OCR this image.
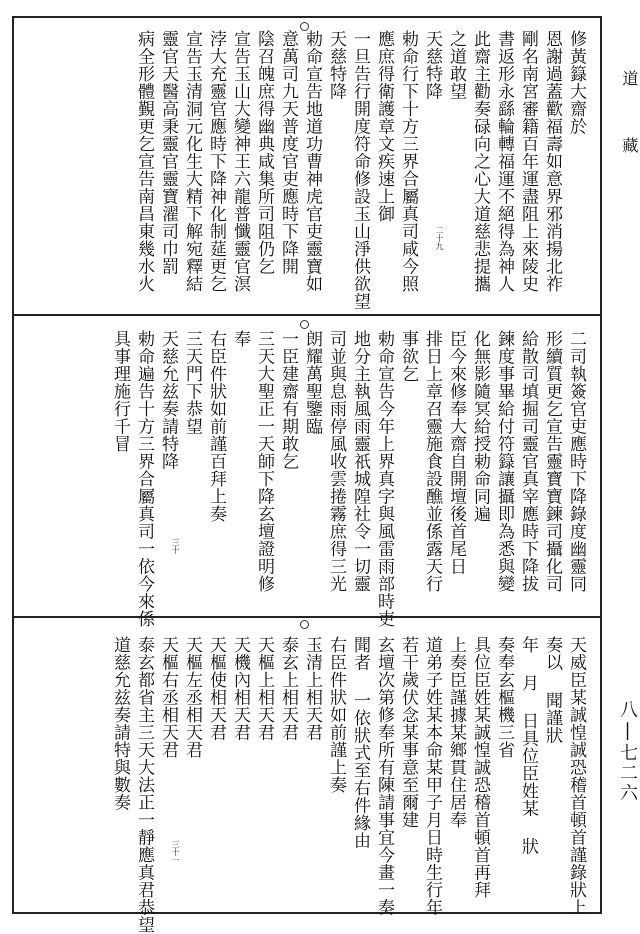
修黃籙大齋於
恩謝過蓋歡福壽如意界邪消揚北祚
剛名南宮審籍百年運盡阻上來陵史
書返形永繇輪轉福運不絕得為神人
此齋主勸奏碌向之心大道慈悲提攜
之道敢望
天慈特降
勅命行下十方三界合屬真司咸今照
應庶得衛護章文疾速上御
一旦告行開度符命修設玉山淨供欲望
天慈特降
勅命宣告地道功曹神虎官吏靈寶如
意萬司九天普度官吏應時下降開
陰召魄庶得幽典咸集所司阻仍乞
宣告玉山大變神王六龍普懺靈官溟
浡大充靈官應時下降神化制莚更乞
宣告玉清洞元化生大精下解宛釋結
靈官天醫高秉靈官靈寶濯司巾罰
病全形體覲更乞宣告南昌東幾水火	二十九
二司執簽官吏應時下降錄度幽靈同
形續質更乞宣告靈寶寶鍊司攝化司
給散司填掘司靈官真宰應時下降拔
鍊度事畢給付符籙讓攝即為悉與變
化無影隨冥給授勅命同遍
臣今來修奉大齋自開壇後首尾日
排日上章召靈施食設醮並係露天行
事欲乞
勅命宣告今年上界真字與風雷雨部時吏
地分主執風雨靈祇城隍社令一切靈
司並與息雨停風收雲捲霧庶得三光
朗耀萬聖鑒臨
一臣建齋有期敢乞
三天大聖正一天師下降玄壇證明修
奉
右臣件狀如前謹百拜上奏
三天門下恭望
天慈允兹奏請特降
勅命遍告十方三界合屬真司一依今來係
具事理施行千冒
三十
天威臣某誠惶誠恐稽首頓首謹錄狀上
奏以 聞謹狀
年 月 日具位臣姓某 狀
奏奉玄樞機三省
具位臣姓某誠惶誠恐稽首頓首再拜
上奏臣謹據某鄉貫住居奉
道弟子姓某本命某甲子月日時生行年
若干歲伏念某事意至爾建
玄壇次第修奉所有陳請事宜今畫一奏
聞者 一依狀式至右件緣由
右臣件狀如前謹上奏
玉清上相天君
泰玄上相天君
天樞上相天君
天機內相天君
天樞使相天君
天樞左丞相天君
天樞右丞相天君
泰玄都省主三天大法正一靜應真君恭望
道慈允兹奏請特與數奏
三十一
道 藏
八|七二六
